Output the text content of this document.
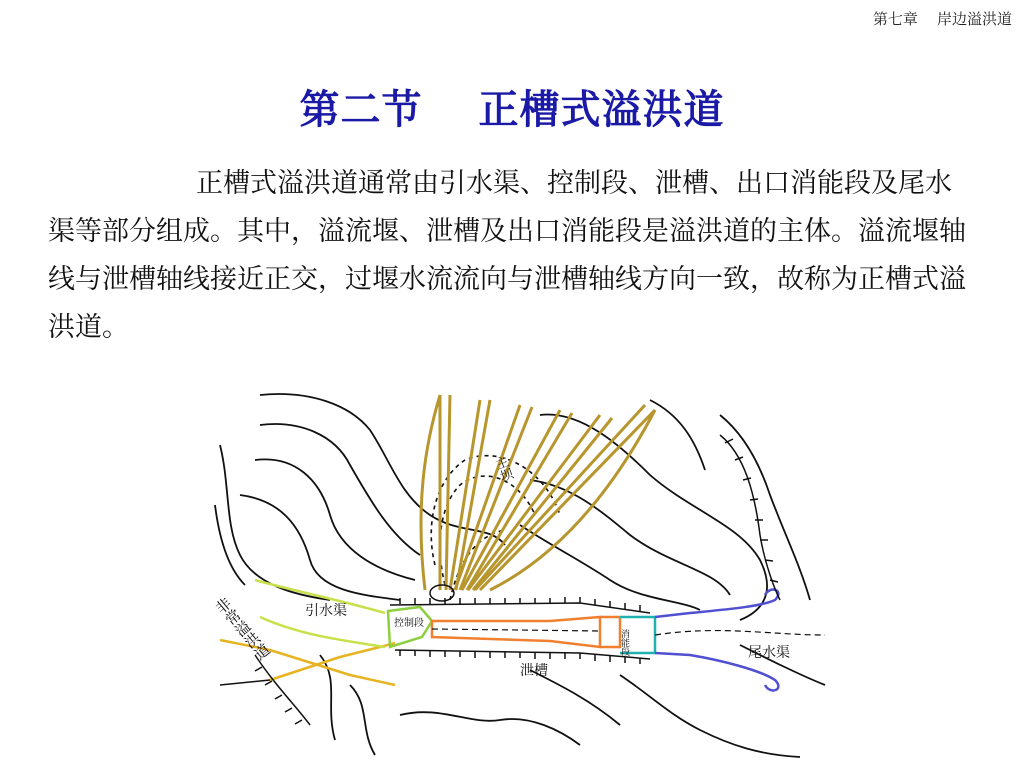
第七章 岸边溢洪道
第二节 正槽式溢洪道
正槽式溢洪道通常由引水渠、控制段、泄槽、出口消能段及尾水渠等部分组成。其中，溢流堰、泄槽及出口消能段是溢洪道的主体。溢流堰轴线与泄槽轴线接近正交，过堰水流流向与泄槽轴线方向一致，故称为正槽式溢洪道。
主坝
引水渠
控制段
泄槽
消能段	尾水渠
非常溢洪道
